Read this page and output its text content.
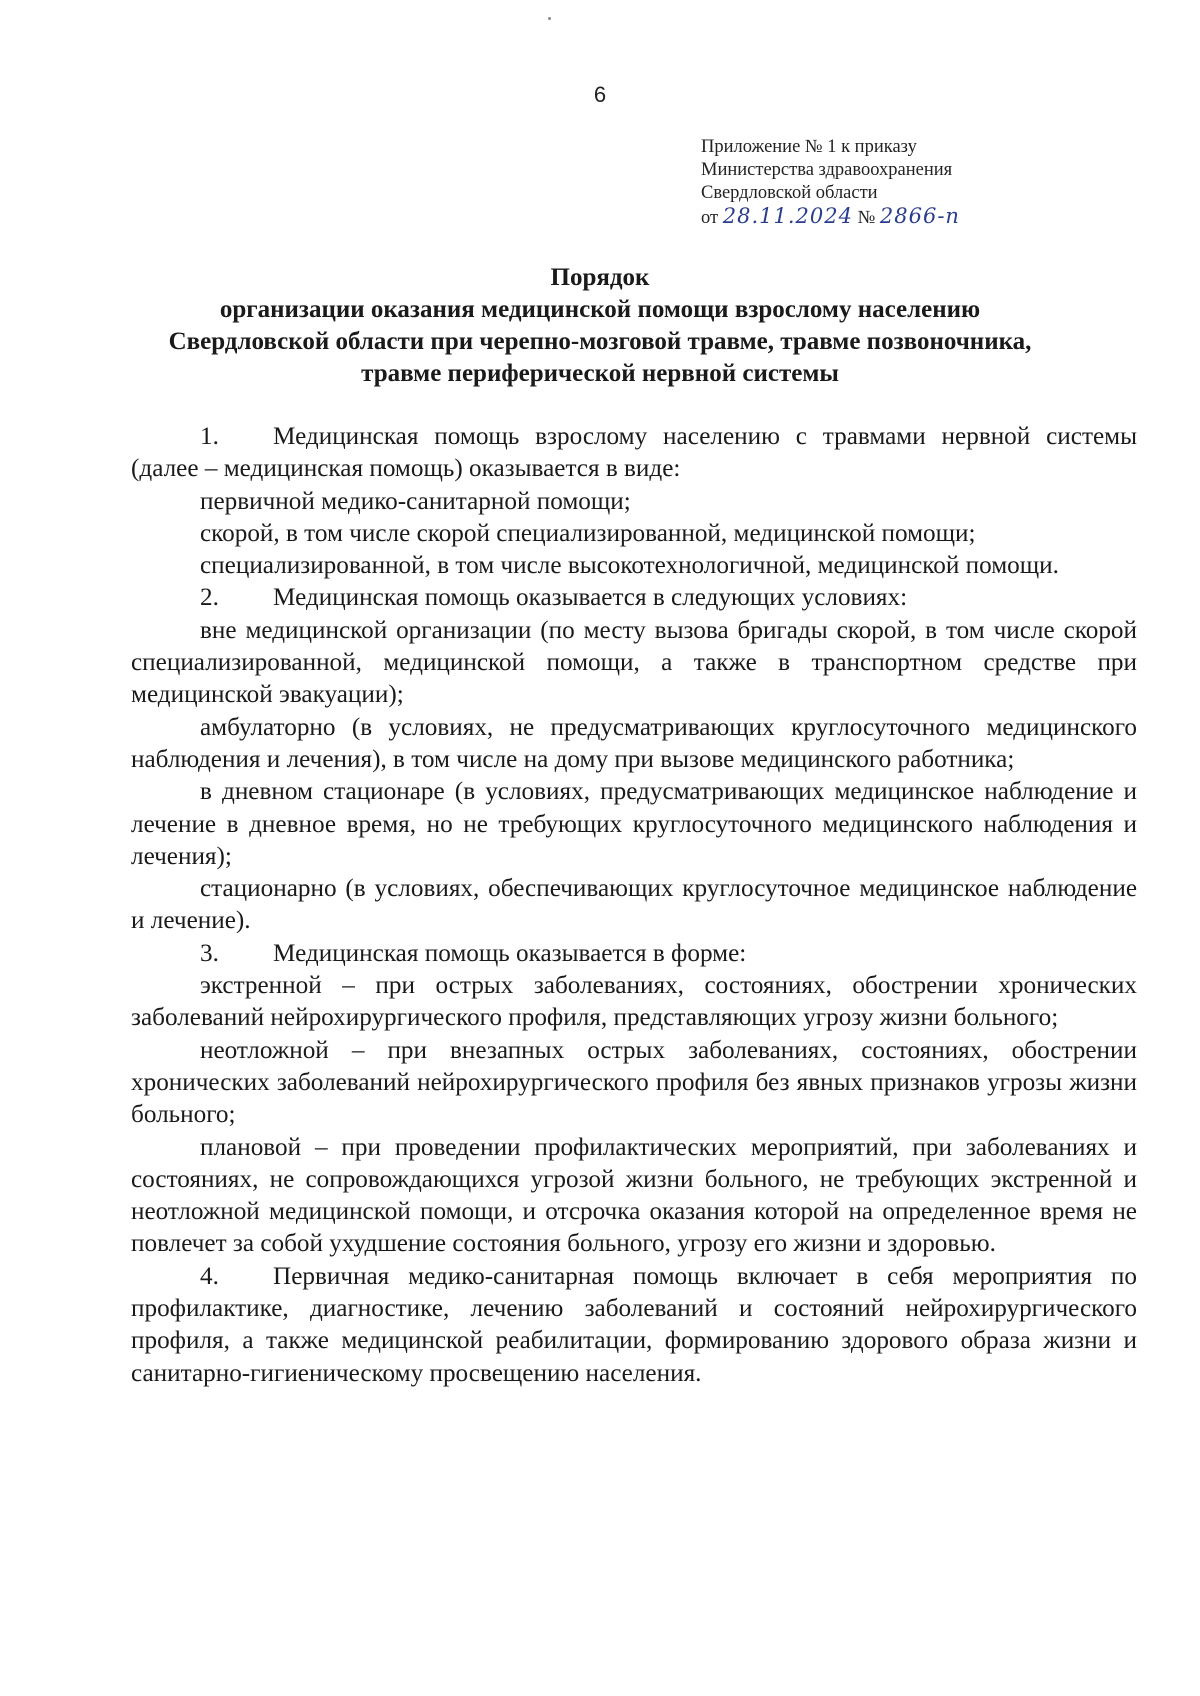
6
Приложение № 1 к приказу
Министерства здравоохранения
Свердловской области
от 28.11.2024 № 2866-п
Порядок
организации оказания медицинской помощи взрослому населению
Свердловской области при черепно-мозговой травме, травме позвоночника,
травме периферической нервной системы

1. Медицинская помощь взрослому населению с травмами нервной системы (далее – медицинская помощь) оказывается в виде:

первичной медико-санитарной помощи;

скорой, в том числе скорой специализированной, медицинской помощи;

специализированной, в том числе высокотехнологичной, медицинской помощи.

2. Медицинская помощь оказывается в следующих условиях:

вне медицинской организации (по месту вызова бригады скорой, в том числе скорой специализированной, медицинской помощи, а также в транспортном средстве при медицинской эвакуации);

амбулаторно (в условиях, не предусматривающих круглосуточного медицинского наблюдения и лечения), в том числе на дому при вызове медицинского работника;

в дневном стационаре (в условиях, предусматривающих медицинское наблюдение и лечение в дневное время, но не требующих круглосуточного медицинского наблюдения и лечения);

стационарно (в условиях, обеспечивающих круглосуточное медицинское наблюдение и лечение).

3. Медицинская помощь оказывается в форме:

экстренной – при острых заболеваниях, состояниях, обострении хронических заболеваний нейрохирургического профиля, представляющих угрозу жизни больного;

неотложной – при внезапных острых заболеваниях, состояниях, обострении хронических заболеваний нейрохирургического профиля без явных признаков угрозы жизни больного;

плановой – при проведении профилактических мероприятий, при заболеваниях и состояниях, не сопровождающихся угрозой жизни больного, не требующих экстренной и неотложной медицинской помощи, и отсрочка оказания которой на определенное время не повлечет за собой ухудшение состояния больного, угрозу его жизни и здоровью.

4. Первичная медико-санитарная помощь включает в себя мероприятия по профилактике, диагностике, лечению заболеваний и состояний нейрохирургического профиля, а также медицинской реабилитации, формированию здорового образа жизни и санитарно-гигиеническому просвещению населения.
